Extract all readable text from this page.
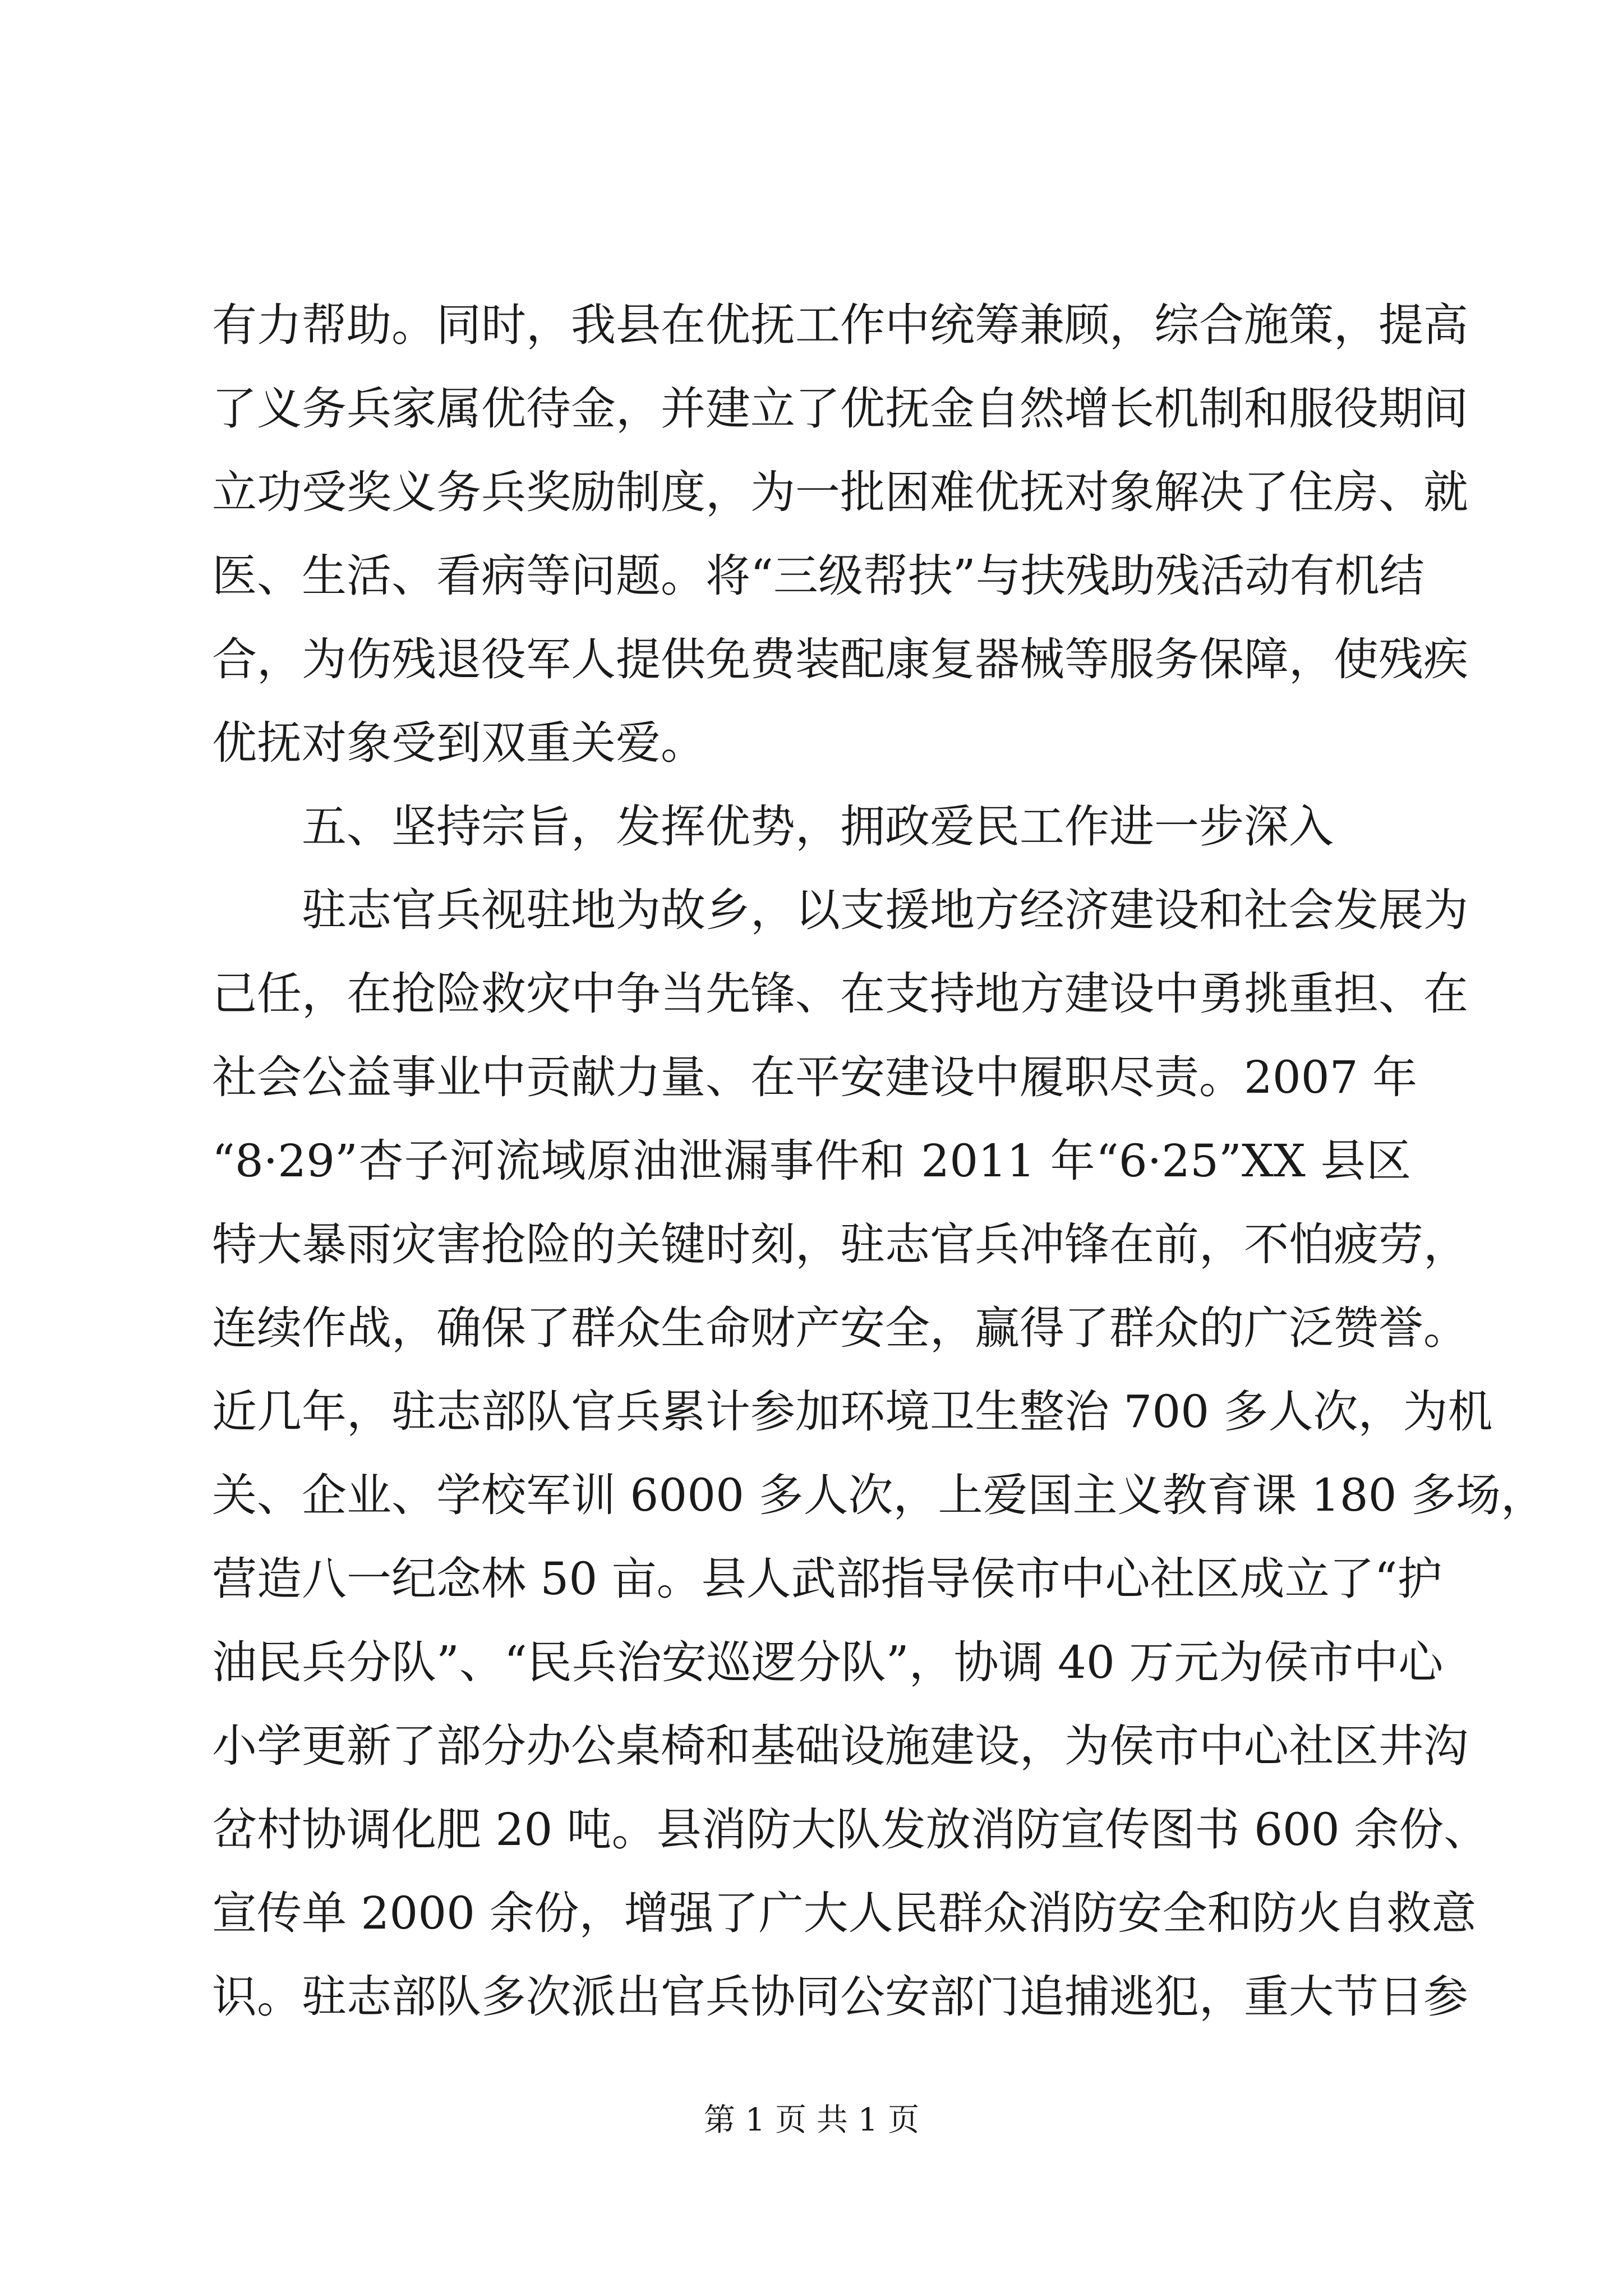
有力帮助。同时，我县在优抚工作中统筹兼顾，综合施策，提高
了义务兵家属优待金，并建立了优抚金自然增长机制和服役期间
立功受奖义务兵奖励制度，为一批困难优抚对象解决了住房、就
医、生活、看病等问题。将“三级帮扶”与扶残助残活动有机结
合，为伤残退役军人提供免费装配康复器械等服务保障，使残疾
优抚对象受到双重关爱。
五、坚持宗旨，发挥优势，拥政爱民工作进一步深入
驻志官兵视驻地为故乡，以支援地方经济建设和社会发展为
己任，在抢险救灾中争当先锋、在支持地方建设中勇挑重担、在
社会公益事业中贡献力量、在平安建设中履职尽责。2007 年
“8·29”杏子河流域原油泄漏事件和 2011 年“6·25”XX 县区
特大暴雨灾害抢险的关键时刻，驻志官兵冲锋在前，不怕疲劳，
连续作战，确保了群众生命财产安全，赢得了群众的广泛赞誉。
近几年，驻志部队官兵累计参加环境卫生整治 700 多人次，为机
关、企业、学校军训 6000 多人次，上爱国主义教育课 180 多场，
营造八一纪念林 50 亩。县人武部指导侯市中心社区成立了“护
油民兵分队”、“民兵治安巡逻分队”，协调 40 万元为侯市中心
小学更新了部分办公桌椅和基础设施建设，为侯市中心社区井沟
岔村协调化肥 20 吨。县消防大队发放消防宣传图书 600 余份、
宣传单 2000 余份，增强了广大人民群众消防安全和防火自救意
识。驻志部队多次派出官兵协同公安部门追捕逃犯，重大节日参
第 1 页 共 1 页
